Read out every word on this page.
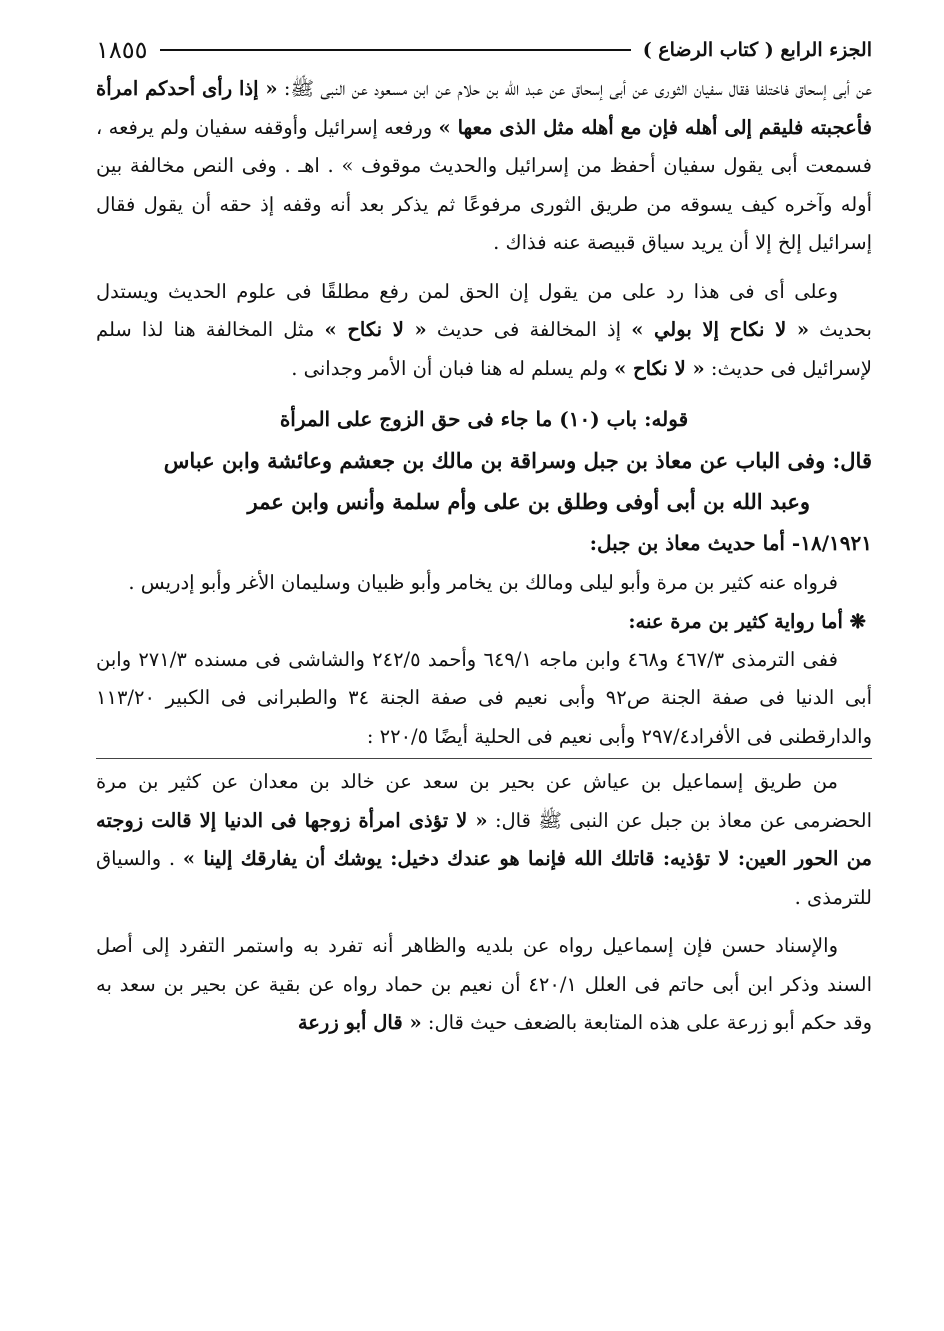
الجزء الرابع ( كتاب الرضاع )
١٨٥٥

عن أبى إسحاق فاختلفا فقال سفيان الثورى عن أبى إسحاق عن عبد الله بن حلام عن ابن مسعود عن النبى ﷺ: « إذا رأى أحدكم امرأة فأعجبته فليقم إلى أهله فإن مع أهله مثل الذى معها » ورفعه إسرائيل وأوقفه سفيان ولم يرفعه ، فسمعت أبى يقول سفيان أحفظ من إسرائيل والحديث موقوف » . اهـ . وفى النص مخالفة بين أوله وآخره كيف يسوقه من طريق الثورى مرفوعًا ثم يذكر بعد أنه وقفه إذ حقه أن يقول فقال إسرائيل إلخ إلا أن يريد سياق قبيصة عنه فذاك .

وعلى أى فى هذا رد على من يقول إن الحق لمن رفع مطلقًا فى علوم الحديث ويستدل بحديث « لا نكاح إلا بولي » إذ المخالفة فى حديث « لا نكاح » مثل المخالفة هنا لذا سلم لإسرائيل فى حديث: « لا نكاح » ولم يسلم له هنا فبان أن الأمر وجدانى .

قوله: باب (١٠) ما جاء فى حق الزوج على المرأة

قال: وفى الباب عن معاذ بن جبل وسراقة بن مالك بن جعشم وعائشة وابن عباس
وعبد الله بن أبى أوفى وطلق بن على وأم سلمة وأنس وابن عمر

١٨/١٩٢١- أما حديث معاذ بن جبل:

فرواه عنه كثير بن مرة وأبو ليلى ومالك بن يخامر وأبو ظبيان وسليمان الأغر وأبو إدريس .

❋ أما رواية كثير بن مرة عنه:

ففى الترمذى ٤٦٧/٣ و٤٦٨ وابن ماجه ٦٤٩/١ وأحمد ٢٤٢/٥ والشاشى فى مسنده ٢٧١/٣ وابن أبى الدنيا فى صفة الجنة ص٩٢ وأبى نعيم فى صفة الجنة ٣٤ والطبرانى فى الكبير ١١٣/٢٠ والدارقطنى فى الأفراد٢٩٧/٤ وأبى نعيم فى الحلية أيضًا ٢٢٠/٥ :

من طريق إسماعيل بن عياش عن بحير بن سعد عن خالد بن معدان عن كثير بن مرة الحضرمى عن معاذ بن جبل عن النبى ﷺ قال: « لا تؤذى امرأة زوجها فى الدنيا إلا قالت زوجته من الحور العين: لا تؤذيه: قاتلك الله فإنما هو عندك دخيل: يوشك أن يفارقك إلينا » . والسياق للترمذى .

والإسناد حسن فإن إسماعيل رواه عن بلديه والظاهر أنه تفرد به واستمر التفرد إلى أصل السند وذكر ابن أبى حاتم فى العلل ٤٢٠/١ أن نعيم بن حماد رواه عن بقية عن بحير بن سعد به وقد حكم أبو زرعة على هذه المتابعة بالضعف حيث قال: « قال أبو زرعة
